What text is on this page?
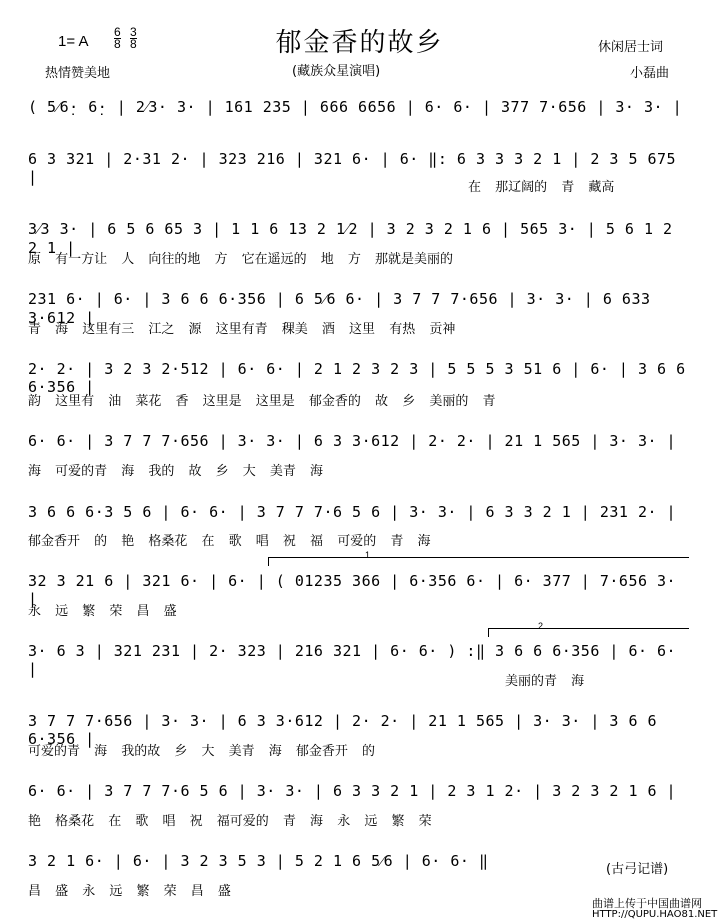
郁金香的故乡
1= A $\frac{6}{8} 3$
8
热情赞美地	(藏族众星演唱)
休闲居士词
小磊曲
( 5⁄6̣· 6̣· | 2⁄3· 3· | 161 235 | 666 6656 | 6· 6· | 377 7·656 | 3· 3· |
6 3 321 | 2·31 2· | 323 216 | 321 6· | 6· ‖: 6 3 3 3 2 1 | 2 3 5 675 |
在 那辽阔的 青 藏高
3⁄3 3· | 6 5 6 65 3 | 1 1 6 13 2 1⁄2 | 3 2 3 2 1 6 | 565 3· | 5 6 1 2 2 1 |
原 有一方让 人 向往的地 方 它在遥远的 地 方 那就是美丽的
231 6· | 6· | 3 6 6 6·356 | 6 5⁄6 6· | 3 7 7 7·656 | 3· 3· | 6 633 3·612 |
青 海 这里有三 江之 源 这里有青 稞美 酒 这里 有热 贡神
2· 2· | 3 2 3 2·512 | 6· 6· | 2 1 2 3 2 3 | 5 5 5 3 51 6 | 6· | 3 6 6 6·356 |
韵 这里有 油 菜花 香 这里是 这里是 郁金香的 故 乡 美丽的 青
6· 6· | 3 7 7 7·656 | 3· 3· | 6 3 3·612 | 2· 2· | 21 1 565 | 3· 3· |
海 可爱的青 海 我的 故 乡 大 美青 海
3 6 6 6·3 5 6 | 6· 6· | 3 7 7 7·6 5 6 | 3· 3· | 6 3 3 2 1 | 231 2· |
郁金香开 的 艳 格桑花 在 歌 唱 祝 福 可爱的 青 海
1
32 3 21 6 | 321 6· | 6· | ( 01235 366 | 6·356 6· | 6· 377 | 7·656 3· |
永 远 繁 荣 昌 盛
2
3· 6 3 | 321 231 | 2· 323 | 216 321 | 6· 6· ) :‖ 3 6 6 6·356 | 6· 6· |
美丽的青 海
3 7 7 7·656 | 3· 3· | 6 3 3·612 | 2· 2· | 21 1 565 | 3· 3· | 3 6 6 6·356 |
可爱的青 海 我的故 乡 大 美青 海 郁金香开 的
6· 6· | 3 7 7 7·6 5 6 | 3· 3· | 6 3 3 2 1 | 2 3 1 2· | 3 2 3 2 1 6 |
艳 格桑花 在 歌 唱 祝 福可爱的 青 海 永 远 繁 荣
3 2 1 6· | 6· | 3 2 3 5 3 | 5 2 1 6 5⁄6 | 6· 6· ‖
昌 盛 永 远 繁 荣 昌 盛
(古弓记谱)
曲谱上传于中国曲谱网
HTTP://QUPU.HAO81.NET
